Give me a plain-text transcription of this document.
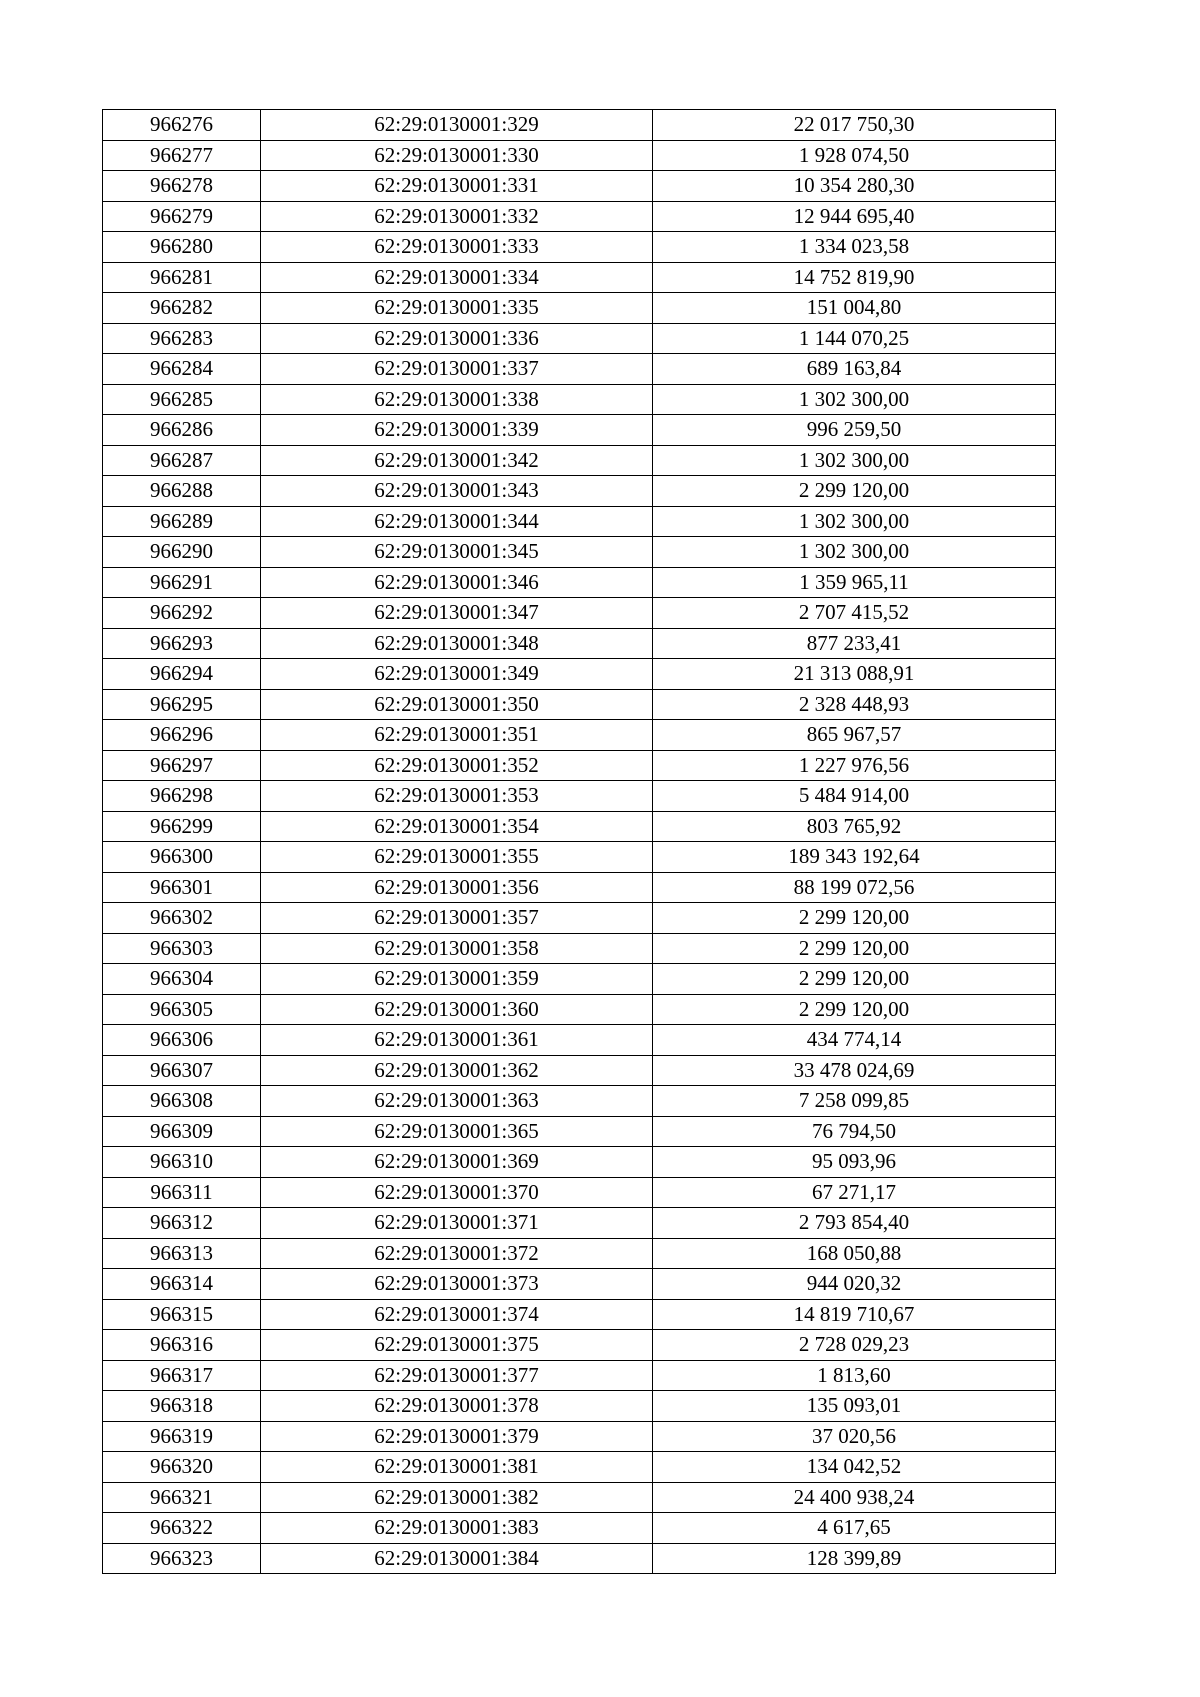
966276	62:29:0130001:329	22 017 750,30
966277	62:29:0130001:330	1 928 074,50
966278	62:29:0130001:331	10 354 280,30
966279	62:29:0130001:332	12 944 695,40
966280	62:29:0130001:333	1 334 023,58
966281	62:29:0130001:334	14 752 819,90
966282	62:29:0130001:335	151 004,80
966283	62:29:0130001:336	1 144 070,25
966284	62:29:0130001:337	689 163,84
966285	62:29:0130001:338	1 302 300,00
966286	62:29:0130001:339	996 259,50
966287	62:29:0130001:342	1 302 300,00
966288	62:29:0130001:343	2 299 120,00
966289	62:29:0130001:344	1 302 300,00
966290	62:29:0130001:345	1 302 300,00
966291	62:29:0130001:346	1 359 965,11
966292	62:29:0130001:347	2 707 415,52
966293	62:29:0130001:348	877 233,41
966294	62:29:0130001:349	21 313 088,91
966295	62:29:0130001:350	2 328 448,93
966296	62:29:0130001:351	865 967,57
966297	62:29:0130001:352	1 227 976,56
966298	62:29:0130001:353	5 484 914,00
966299	62:29:0130001:354	803 765,92
966300	62:29:0130001:355	189 343 192,64
966301	62:29:0130001:356	88 199 072,56
966302	62:29:0130001:357	2 299 120,00
966303	62:29:0130001:358	2 299 120,00
966304	62:29:0130001:359	2 299 120,00
966305	62:29:0130001:360	2 299 120,00
966306	62:29:0130001:361	434 774,14
966307	62:29:0130001:362	33 478 024,69
966308	62:29:0130001:363	7 258 099,85
966309	62:29:0130001:365	76 794,50
966310	62:29:0130001:369	95 093,96
966311	62:29:0130001:370	67 271,17
966312	62:29:0130001:371	2 793 854,40
966313	62:29:0130001:372	168 050,88
966314	62:29:0130001:373	944 020,32
966315	62:29:0130001:374	14 819 710,67
966316	62:29:0130001:375	2 728 029,23
966317	62:29:0130001:377	1 813,60
966318	62:29:0130001:378	135 093,01
966319	62:29:0130001:379	37 020,56
966320	62:29:0130001:381	134 042,52
966321	62:29:0130001:382	24 400 938,24
966322	62:29:0130001:383	4 617,65
966323	62:29:0130001:384	128 399,89
